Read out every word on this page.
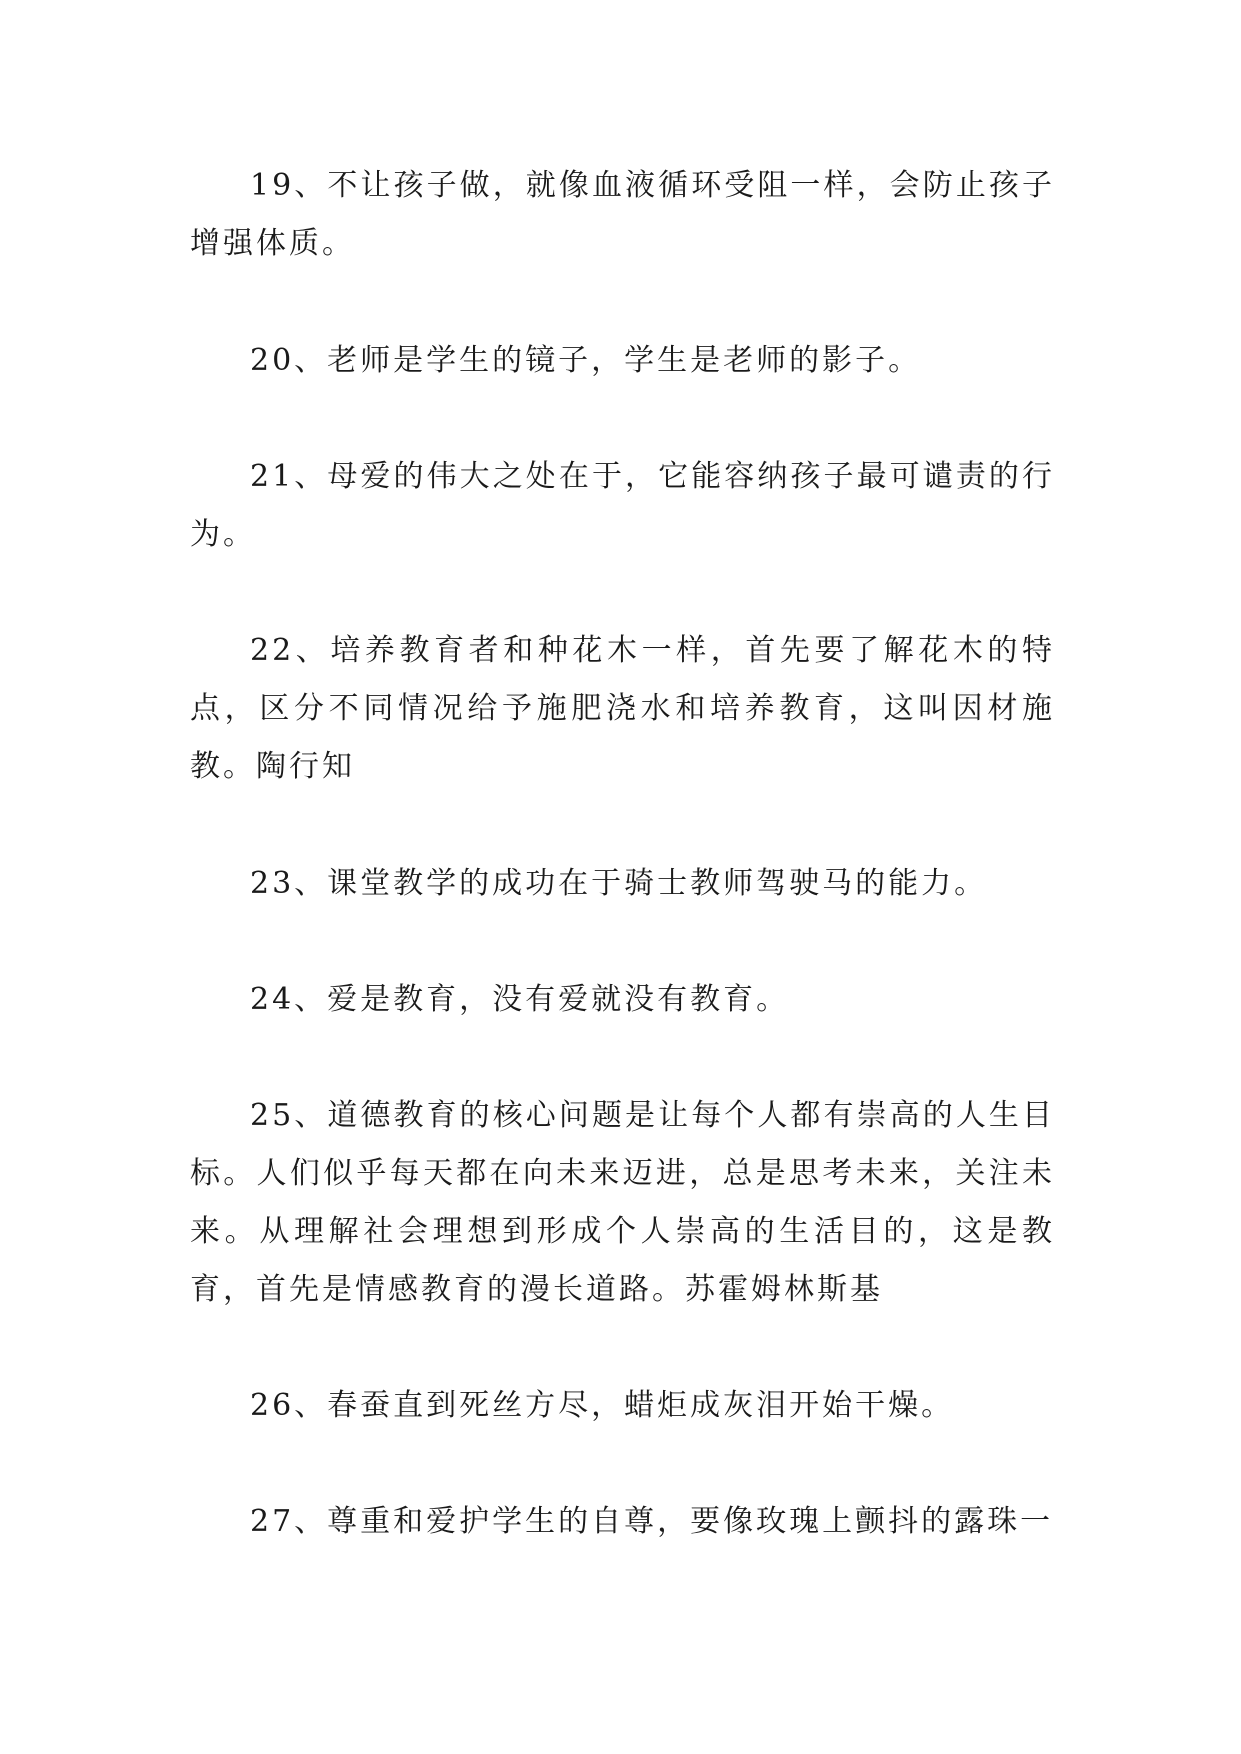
19、不让孩子做，就像血液循环受阻一样，会防止孩子增强体质。

20、老师是学生的镜子，学生是老师的影子。

21、母爱的伟大之处在于，它能容纳孩子最可谴责的行为。

22、培养教育者和种花木一样，首先要了解花木的特点，区分不同情况给予施肥浇水和培养教育，这叫因材施教。陶行知

23、课堂教学的成功在于骑士教师驾驶马的能力。

24、爱是教育，没有爱就没有教育。

25、道德教育的核心问题是让每个人都有崇高的人生目标。人们似乎每天都在向未来迈进，总是思考未来，关注未来。从理解社会理想到形成个人崇高的生活目的，这是教育，首先是情感教育的漫长道路。苏霍姆林斯基

26、春蚕直到死丝方尽，蜡炬成灰泪开始干燥。

27、尊重和爱护学生的自尊，要像玫瑰上颤抖的露珠一
